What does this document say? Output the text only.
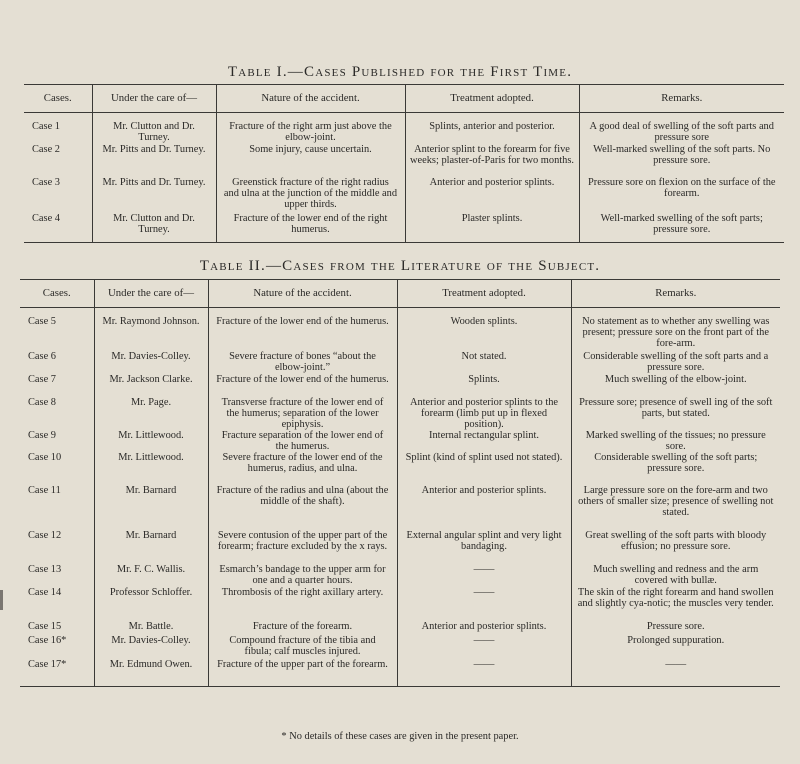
Table I.—Cases Published for the First Time.
Cases.	Under the care of—	Nature of the accident.	Treatment adopted.	Remarks.
Case 1	Mr. Clutton and Dr. Turney.	Fracture of the right arm just above the elbow-joint.	Splints, anterior and posterior.	A good deal of swelling of the soft parts and pressure sore
Case 2	Mr. Pitts and Dr. Turney.	Some injury, cause uncertain.	Anterior splint to the forearm for five weeks; plaster-of-Paris for two months.	Well-marked swelling of the soft parts. No pressure sore.
Case 3	Mr. Pitts and Dr. Turney.	Greenstick fracture of the right radius and ulna at the junction of the middle and upper thirds.	Anterior and posterior splints.	Pressure sore on flexion on the surface of the forearm.
Case 4	Mr. Clutton and Dr. Turney.	Fracture of the lower end of the right humerus.	Plaster splints.	Well-marked swelling of the soft parts; pressure sore.
Table II.—Cases from the Literature of the Subject.
Cases.	Under the care of—	Nature of the accident.	Treatment adopted.	Remarks.
Case 5	Mr. Raymond Johnson.	Fracture of the lower end of the humerus.	Wooden splints.	No statement as to whether any swelling was present; pressure sore on the front part of the fore-arm.
Case 6	Mr. Davies-Colley.	Severe fracture of bones “about the elbow-joint.”	Not stated.	Considerable swelling of the soft parts and a pressure sore.
Case 7	Mr. Jackson Clarke.	Fracture of the lower end of the humerus.	Splints.	Much swelling of the elbow-joint.
Case 8	Mr. Page.	Transverse fracture of the lower end of the humerus; separation of the lower epiphysis.	Anterior and posterior splints to the forearm (limb put up in flexed position).	Pressure sore; presence of swell ing of the soft parts, but stated.
Case 9	Mr. Littlewood.	Fracture separation of the lower end of the humerus.	Internal rectangular splint.	Marked swelling of the tissues; no pressure sore.
Case 10	Mr. Littlewood.	Severe fracture of the lower end of the humerus, radius, and ulna.	Splint (kind of splint used not stated).	Considerable swelling of the soft parts; pressure sore.
Case 11	Mr. Barnard	Fracture of the radius and ulna (about the middle of the shaft).	Anterior and posterior splints.	Large pressure sore on the fore-arm and two others of smaller size; presence of swelling not stated.
Case 12	Mr. Barnard	Severe contusion of the upper part of the forearm; fracture excluded by the x rays.	External angular splint and very light bandaging.	Great swelling of the soft parts with bloody effusion; no pressure sore.
Case 13	Mr. F. C. Wallis.	Esmarch’s bandage to the upper arm for one and a quarter hours.	——	Much swelling and redness and the arm covered with bullæ.
Case 14	Professor Schloffer.	Thrombosis of the right axillary artery.	——	The skin of the right forearm and hand swollen and slightly cya-notic; the muscles very tender.
Case 15	Mr. Battle.	Fracture of the forearm.	Anterior and posterior splints.	Pressure sore.
Case 16*	Mr. Davies-Colley.	Compound fracture of the tibia and fibula; calf muscles injured.	——	Prolonged suppuration.
Case 17*	Mr. Edmund Owen.	Fracture of the upper part of the forearm.	——	——
* No details of these cases are given in the present paper.
